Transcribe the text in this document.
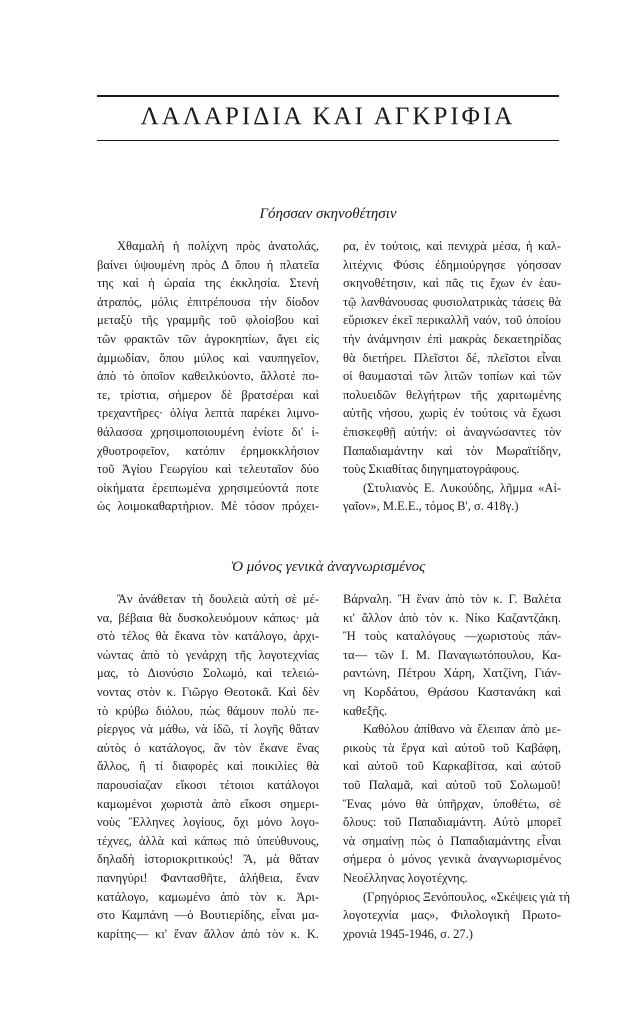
ΛΑΛΑΡΙΔΙΑ ΚΑΙ ΑΓΚΡΙΦΙΑ
Γόησσαν σκηνοθέτησιν
Χθαμαλὴ ἡ πολίχνη πρὸς ἀνατολάς,
βαίνει ὑψουμένη πρὸς Δ ὅπου ἡ πλατεῖα
της καὶ ἡ ὡραία της ἐκκλησία. Στενὴ
ἀτραπός, μόλις ἐπιτρέπουσα τὴν δίοδον
μεταξὺ τῆς γραμμῆς τοῦ φλοίσβου καὶ
τῶν φρακτῶν τῶν ἀγροκηπίων, ἄγει εἰς
ἀμμωδίαν, ὅπου μύλος καὶ ναυπηγεῖον,
ἀπὸ τὸ ὁποῖον καθειλκύοντο, ἄλλοτέ πο-
τε, τρίστια, σήμερον δὲ βρατσέραι καὶ
τρεχαντῆρες· ὀλίγα λεπτὰ παρέκει λιμνο-
θάλασσα χρησιμοποιουμένη ἐνίοτε δι' ἰ-
χθυοτροφεῖον, κατόπιν ἐρημοκκλήσιον
τοῦ Ἁγίου Γεωργίου καὶ τελευταῖον δύο
οἰκήματα ἐρειπωμένα χρησιμεύοντά ποτε
ὡς λοιμοκαθαρτήριον. Μὲ τόσον πρόχει-
ρα, ἐν τούτοις, καὶ πενιχρὰ μέσα, ἡ καλ-
λιτέχνις Φύσις ἐδημιούργησε γόησσαν
σκηνοθέτησιν, καὶ πᾶς τις ἔχων ἐν ἑαυ-
τῷ λανθάνουσας φυσιολατρικὰς τάσεις θὰ
εὕρισκεν ἐκεῖ περικαλλῆ ναόν, τοῦ ὁποίου
τὴν ἀνάμνησιν ἐπὶ μακρὰς δεκαετηρίδας
θὰ διετήρει. Πλεῖστοι δέ, πλεῖστοι εἶναι
οἱ θαυμασταὶ τῶν λιτῶν τοπίων καὶ τῶν
πολυειδῶν θελγήτρων τῆς χαριτωμένης
αὐτῆς νήσου, χωρὶς ἐν τούτοις νὰ ἔχωσι
ἐπισκεφθῇ αὐτήν: οἱ ἀναγνώσαντες τὸν
Παπαδιαμάντην καὶ τὸν Μωραϊτίδην,
τοὺς Σκιαθίτας διηγηματογράφους.
(Στυλιανὸς Ε. Λυκούδης, λῆμμα «Αἰ-
γαῖον», Μ.Ε.Ε., τόμος Β', σ. 418γ.)
Ὁ μόνος γενικὰ ἀναγνωρισμένος
Ἂν ἀνάθεταν τὴ δουλειὰ αὐτὴ σὲ μέ-
να, βέβαια θὰ δυσκολευόμουν κάπως· μὰ
στὸ τέλος θὰ ἔκανα τὸν κατάλογο, ἀρχι-
νώντας ἀπὸ τὸ γενάρχη τῆς λογοτεχνίας
μας, τὸ Διονύσιο Σολωμό, καὶ τελειώ-
νοντας στὸν κ. Γιῶργο Θεοτοκᾶ. Καὶ δὲν
τὸ κρύβω διόλου, πὼς θάμουν πολὺ πε-
ρίεργος νὰ μάθω, νὰ ἰδῶ, τί λογῆς θἄταν
αὐτὸς ὁ κατάλογος, ἂν τὸν ἔκανε ἕνας
ἄλλος, ἢ τί διαφορὲς καὶ ποικιλίες θὰ
παρουσίαζαν εἴκοσι τέτοιοι κατάλογοι
καμωμένοι χωριστὰ ἀπὸ εἴκοσι σημερι-
νοὺς Ἕλληνες λογίους, ὄχι μόνο λογο-
τέχνες, ἀλλὰ καὶ κάπως πιὸ ὑπεύθυνους,
δηλαδὴ ἱστοριοκριτικούς! Ἄ, μὰ θἄταν
πανηγύρι! Φαντασθῆτε, ἀλήθεια, ἕναν
κατάλογο, καμωμένο ἀπὸ τὸν κ. Ἀρι-
στο Καμπάνη —ὁ Βουτιερίδης, εἶναι μα-
καρίτης— κι' ἕναν ἄλλον ἀπὸ τὸν κ. Κ.
Βάρναλη. Ἢ ἕναν ἀπὸ τὸν κ. Γ. Βαλέτα
κι' ἄλλον ἀπὸ τὸν κ. Νίκο Καζαντζάκη.
Ἢ τοὺς καταλόγους —χωριστοὺς πάν-
τα— τῶν Ι. Μ. Παναγιωτόπουλου, Κα-
ραντώνη, Πέτρου Χάρη, Χατζίνη, Γιάν-
νη Κορδάτου, Θράσου Καστανάκη καὶ
καθεξῆς.
Καθόλου ἀπίθανο νὰ ἔλειπαν ἀπὸ με-
ρικοὺς τὰ ἔργα καὶ αὐτοῦ τοῦ Καβάφη,
καὶ αὐτοῦ τοῦ Καρκαβίτσα, καὶ αὐτοῦ
τοῦ Παλαμᾶ, καὶ αὐτοῦ τοῦ Σολωμοῦ!
Ἕνας μόνο θὰ ὑπῆρχαν, ὑποθέτω, σὲ
ὅλους: τοῦ Παπαδιαμάντη. Αὐτὸ μπορεῖ
νὰ σημαίνῃ πὼς ὁ Παπαδιαμάντης εἶναι
σήμερα ὁ μόνος γενικὰ ἀναγνωρισμένος
Νεοέλληνας λογοτέχνης.
(Γρηγόριος Ξενόπουλος, «Σκέψεις γιὰ τὴ
λογοτεχνία μας», Φιλολογικὴ Πρωτο-
χρονιὰ 1945-1946, σ. 27.)
